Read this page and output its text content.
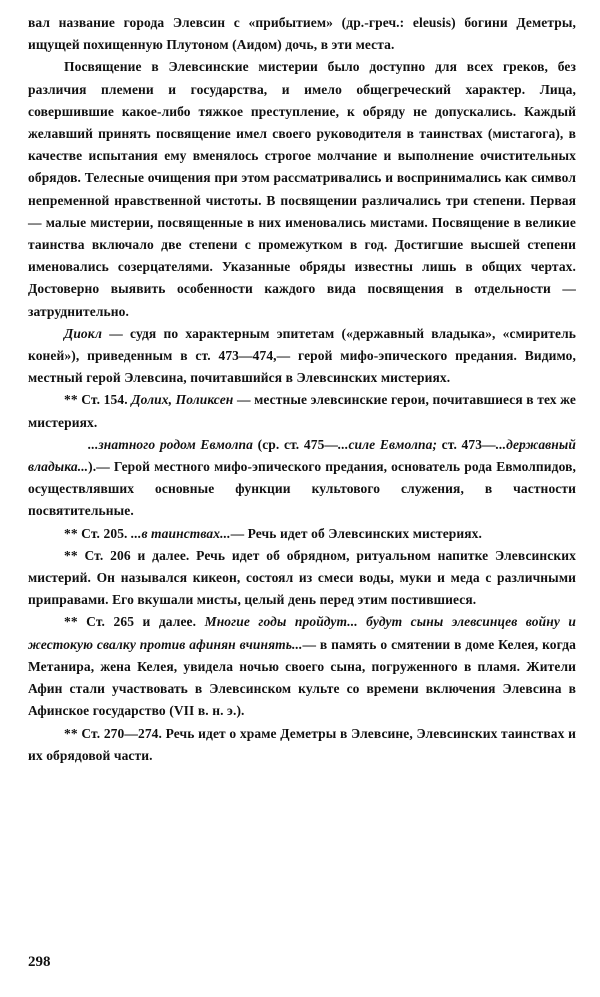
вал название города Элевсин с «прибытием» (др.-греч.: eleusis) богини Деметры, ищущей похищенную Плутоном (Аидом) дочь, в эти места.

Посвящение в Элевсинские мистерии было доступно для всех греков, без различия племени и государства, и имело общегреческий характер. Лица, совершившие какое-либо тяжкое преступление, к обряду не допускались. Каждый желавший принять посвящение имел своего руководителя в таинствах (мистагога), в качестве испытания ему вменялось строгое молчание и выполнение очистительных обрядов. Телесные очищения при этом рассматривались и воспринимались как символ непременной нравственной чистоты. В посвящении различались три степени. Первая — малые мистерии, посвященные в них именовались мистами. Посвящение в великие таинства включало две степени с промежутком в год. Достигшие высшей степени именовались созерцателями. Указанные обряды известны лишь в общих чертах. Достоверно выявить особенности каждого вида посвящения в отдельности — затруднительно.

Диокл — судя по характерным эпитетам («державный владыка», «смиритель коней»), приведенным в ст. 473—474,— герой мифо-эпического предания. Видимо, местный герой Элевсина, почитавшийся в Элевсинских мистериях.

** Ст. 154. Долих, Поликсен — местные элевсинские герои, почитавшиеся в тех же мистериях.

...знатного родом Евмолпа (ср. ст. 475—...силе Евмолпа; ст. 473—...державный владыка...).— Герой местного мифо-эпического предания, основатель рода Евмолпидов, осуществлявших основные функции культового служения, в частности посвятительные.

** Ст. 205. ...в таинствах...— Речь идет об Элевсинских мистериях.

** Ст. 206 и далее. Речь идет об обрядном, ритуальном напитке Элевсинских мистерий. Он назывался кикеон, состоял из смеси воды, муки и меда с различными приправами. Его вкушали мисты, целый день перед этим постившиеся.

** Ст. 265 и далее. Многие годы пройдут... будут сыны элевсинцев войну и жестокую свалку против афинян вчинять...— в память о смятении в доме Келея, когда Метанира, жена Келея, увидела ночью своего сына, погруженного в пламя. Жители Афин стали участвовать в Элевсинском культе со времени включения Элевсина в Афинское государство (VII в. н. э.).

** Ст. 270—274. Речь идет о храме Деметры в Элевсине, Элевсинских таинствах и их обрядовой части.

298
